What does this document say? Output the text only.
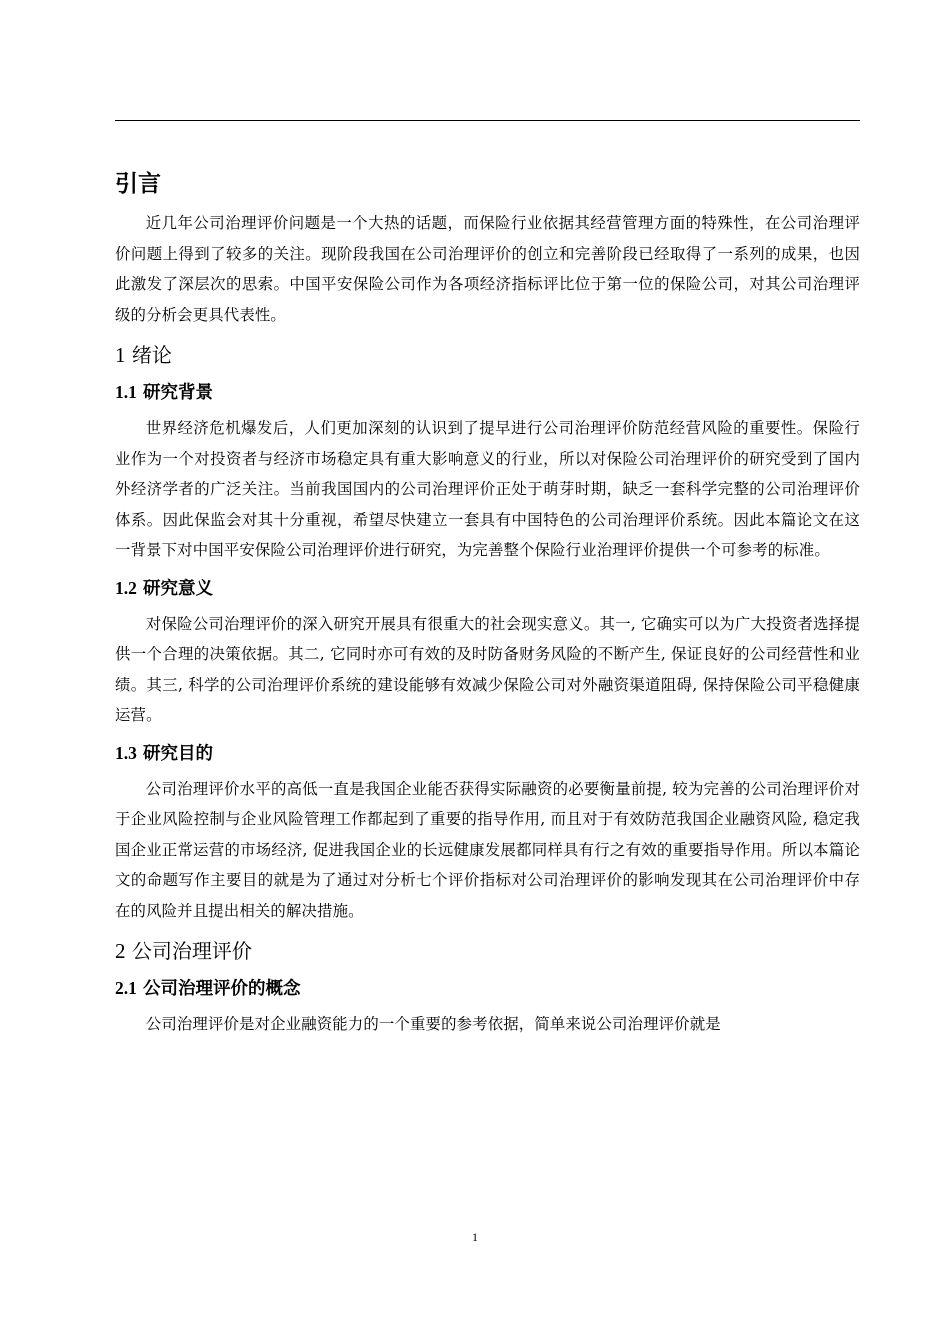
引言

近几年公司治理评价问题是一个大热的话题，而保险行业依据其经营管理方面的特殊性，在公司治理评价问题上得到了较多的关注。现阶段我国在公司治理评价的创立和完善阶段已经取得了一系列的成果，也因此激发了深层次的思索。中国平安保险公司作为各项经济指标评比位于第一位的保险公司，对其公司治理评级的分析会更具代表性。

1 绪论
1.1 研究背景

世界经济危机爆发后，人们更加深刻的认识到了提早进行公司治理评价防范经营风险的重要性。保险行业作为一个对投资者与经济市场稳定具有重大影响意义的行业，所以对保险公司治理评价的研究受到了国内外经济学者的广泛关注。当前我国国内的公司治理评价正处于萌芽时期，缺乏一套科学完整的公司治理评价体系。因此保监会对其十分重视，希望尽快建立一套具有中国特色的公司治理评价系统。因此本篇论文在这一背景下对中国平安保险公司治理评价进行研究，为完善整个保险行业治理评价提供一个可参考的标准。

1.2 研究意义

对保险公司治理评价的深入研究开展具有很重大的社会现实意义。其一, 它确实可以为广大投资者选择提供一个合理的决策依据。其二, 它同时亦可有效的及时防备财务风险的不断产生, 保证良好的公司经营性和业绩。其三, 科学的公司治理评价系统的建设能够有效减少保险公司对外融资渠道阻碍, 保持保险公司平稳健康运营。

1.3 研究目的

公司治理评价水平的高低一直是我国企业能否获得实际融资的必要衡量前提, 较为完善的公司治理评价对于企业风险控制与企业风险管理工作都起到了重要的指导作用, 而且对于有效防范我国企业融资风险, 稳定我国企业正常运营的市场经济, 促进我国企业的长远健康发展都同样具有行之有效的重要指导作用。所以本篇论文的命题写作主要目的就是为了通过对分析七个评价指标对公司治理评价的影响发现其在公司治理评价中存在的风险并且提出相关的解决措施。

2 公司治理评价
2.1 公司治理评价的概念

公司治理评价是对企业融资能力的一个重要的参考依据，简单来说公司治理评价就是

1
